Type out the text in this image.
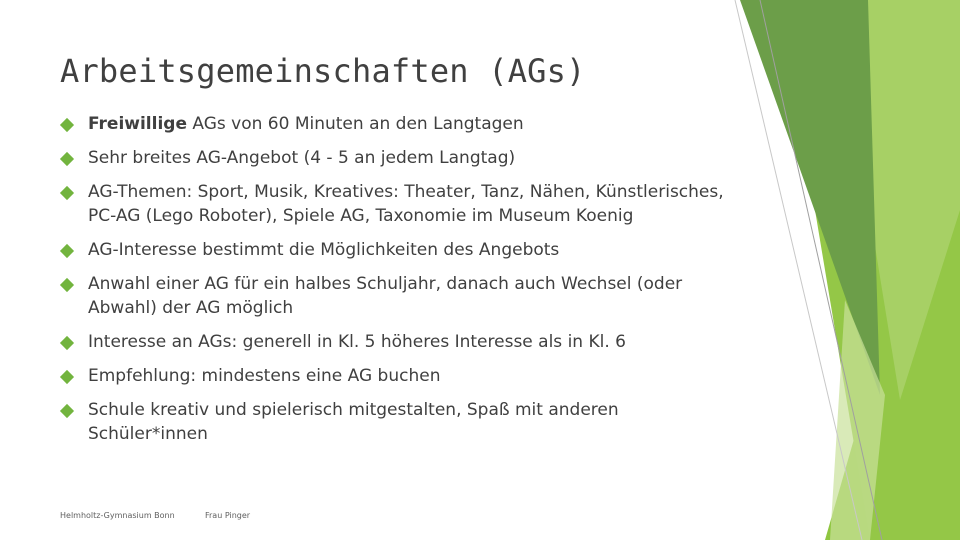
Arbeitsgemeinschaften (AGs)
Freiwillige AGs von 60 Minuten an den Langtagen
Sehr breites AG-Angebot (4 - 5 an jedem Langtag)
AG-Themen: Sport, Musik, Kreatives: Theater, Tanz, Nähen, Künstlerisches, PC-AG (Lego Roboter), Spiele AG, Taxonomie im Museum Koenig
AG-Interesse bestimmt die Möglichkeiten des Angebots
Anwahl einer AG für ein halbes Schuljahr, danach auch Wechsel (oder Abwahl) der AG möglich
Interesse an AGs: generell in Kl. 5 höheres Interesse als in Kl. 6
Empfehlung: mindestens eine AG buchen
Schule kreativ und spielerisch mitgestalten, Spaß mit anderen Schüler*innen
Helmholtz-Gymnasium Bonn	Frau Pinger
